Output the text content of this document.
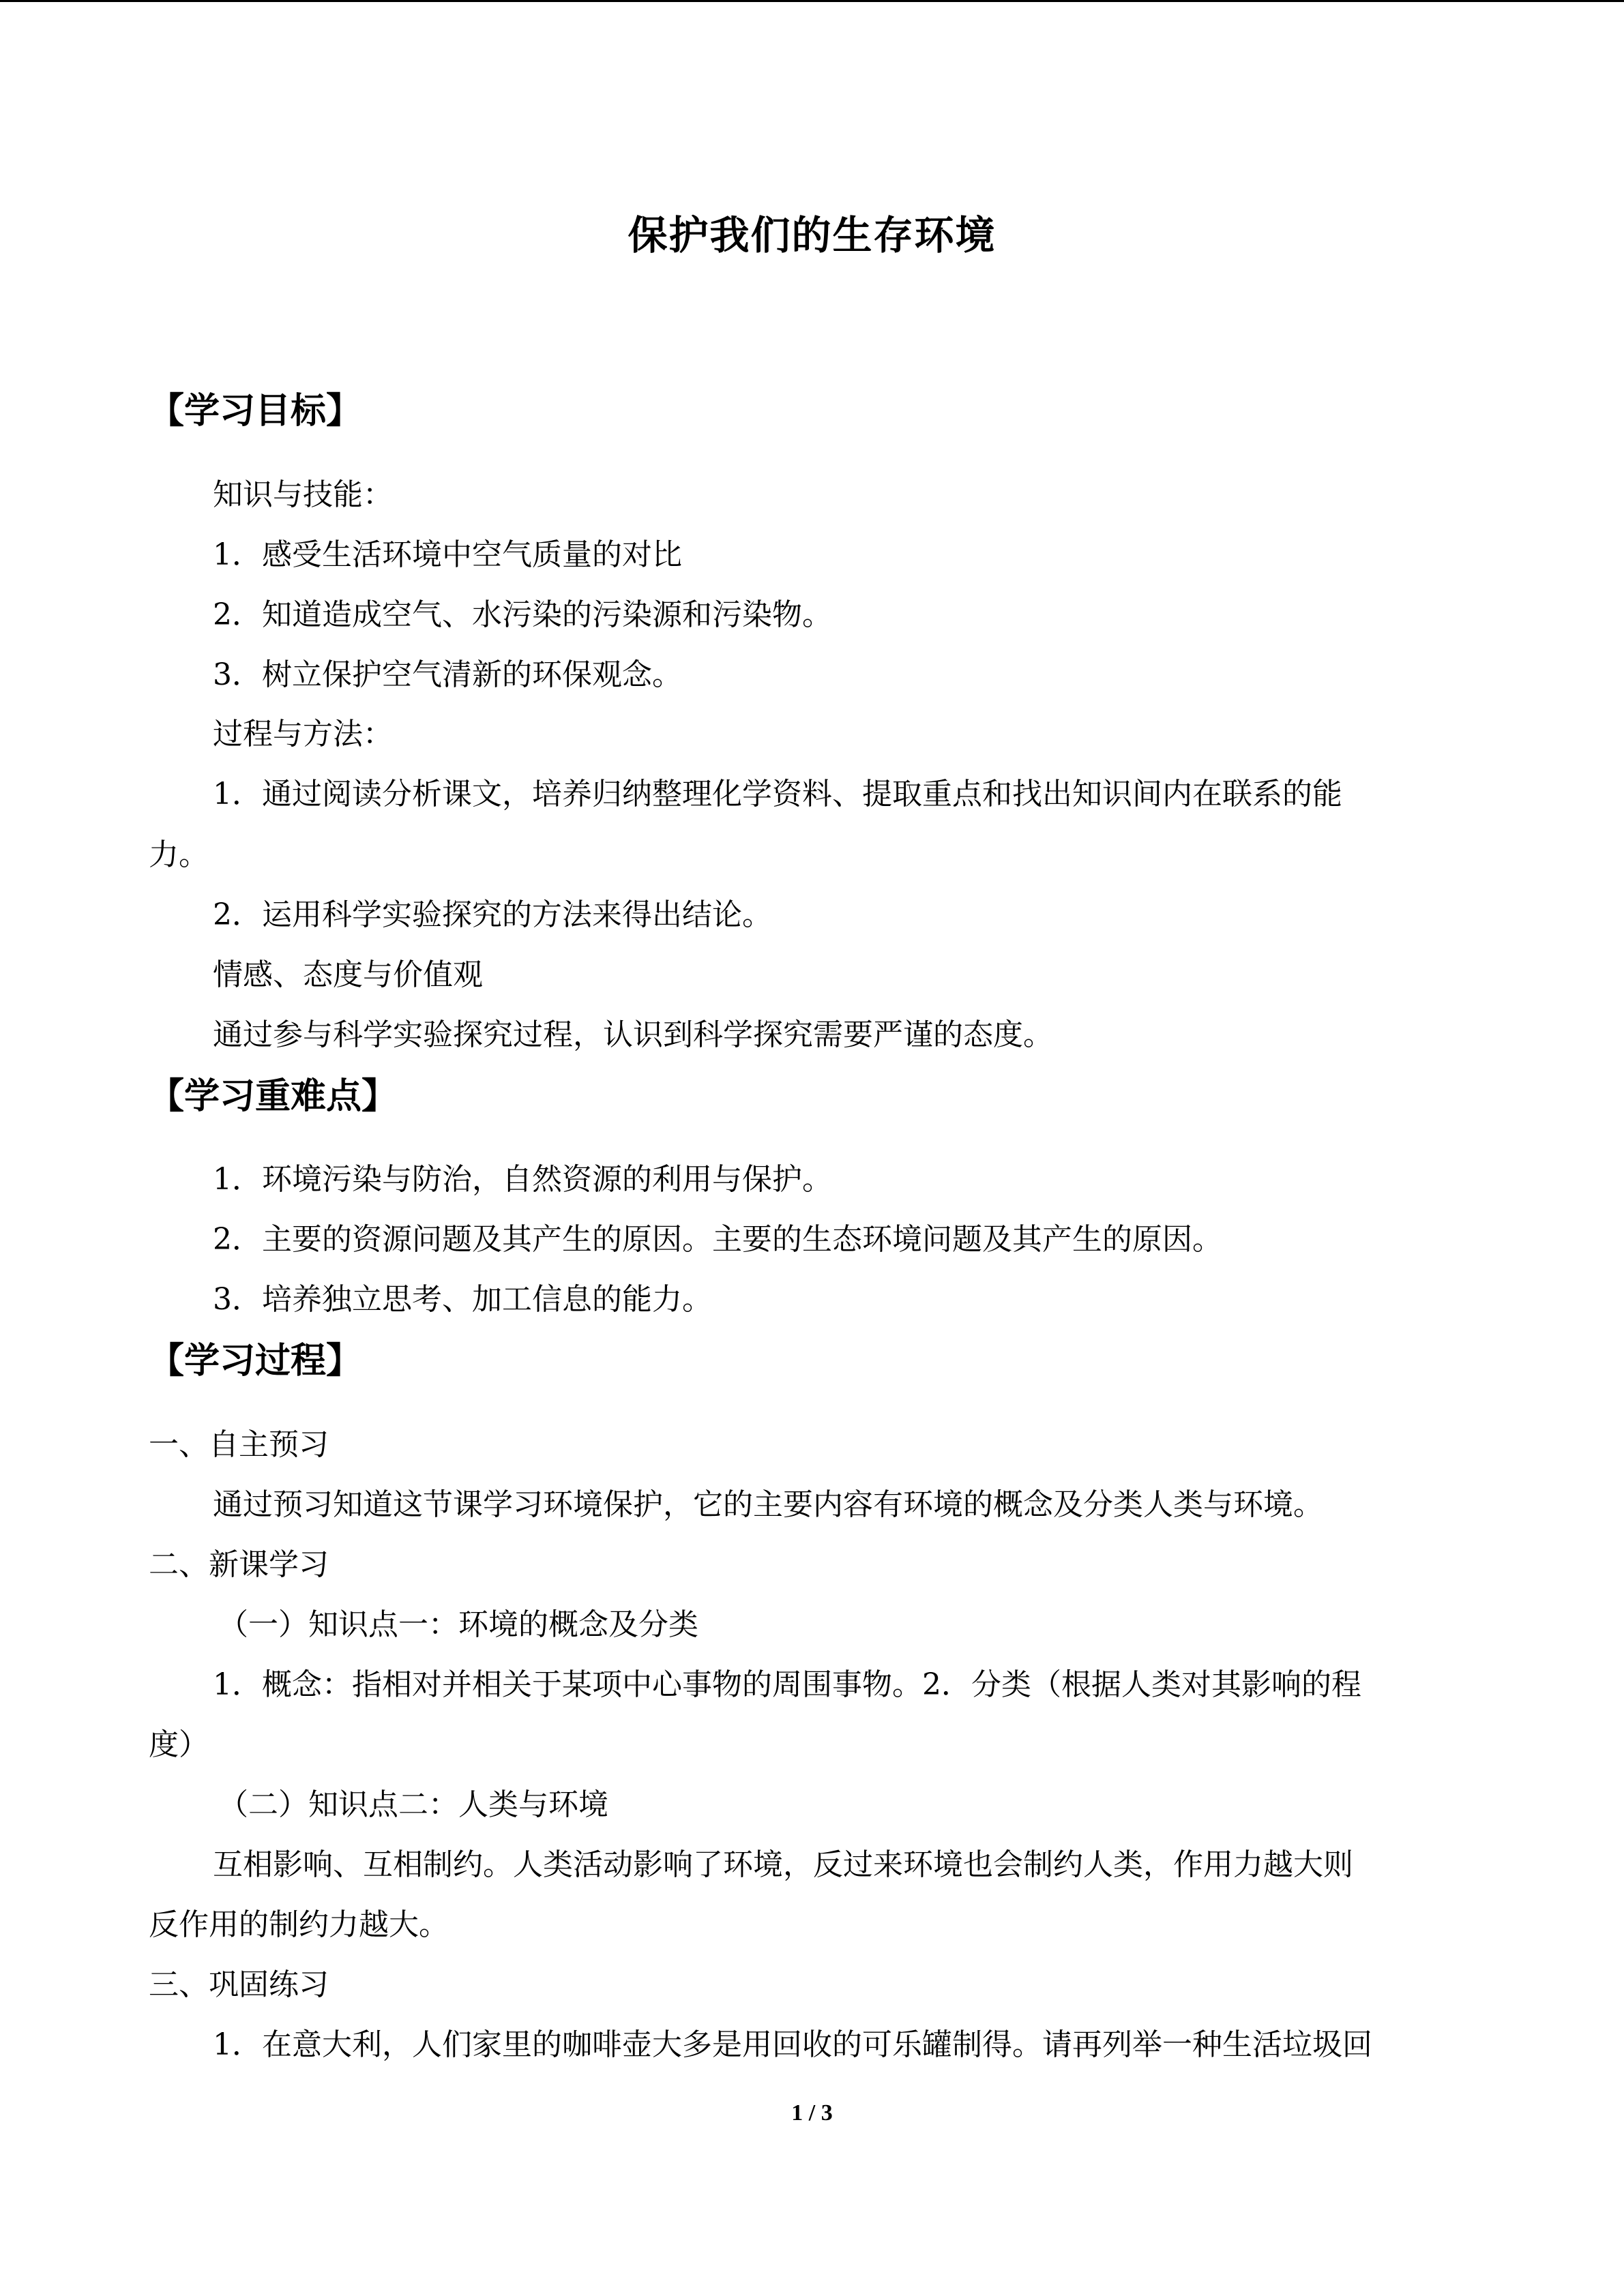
保护我们的生存环境
【学习目标】
知识与技能：
1．感受生活环境中空气质量的对比
2．知道造成空气、水污染的污染源和污染物。
3．树立保护空气清新的环保观念。
过程与方法：
1．通过阅读分析课文，培养归纳整理化学资料、提取重点和找出知识间内在联系的能
力。
2．运用科学实验探究的方法来得出结论。
情感、态度与价值观
通过参与科学实验探究过程，认识到科学探究需要严谨的态度。
【学习重难点】
1．环境污染与防治，自然资源的利用与保护。
2．主要的资源问题及其产生的原因。主要的生态环境问题及其产生的原因。
3．培养独立思考、加工信息的能力。
【学习过程】
一、自主预习
通过预习知道这节课学习环境保护，它的主要内容有环境的概念及分类人类与环境。
二、新课学习
（一）知识点一：环境的概念及分类
1．概念：指相对并相关于某项中心事物的周围事物。2．分类（根据人类对其影响的程
度）
（二）知识点二：人类与环境
互相影响、互相制约。人类活动影响了环境，反过来环境也会制约人类，作用力越大则
反作用的制约力越大。
三、巩固练习
1．在意大利，人们家里的咖啡壶大多是用回收的可乐罐制得。请再列举一种生活垃圾回
1 / 3
